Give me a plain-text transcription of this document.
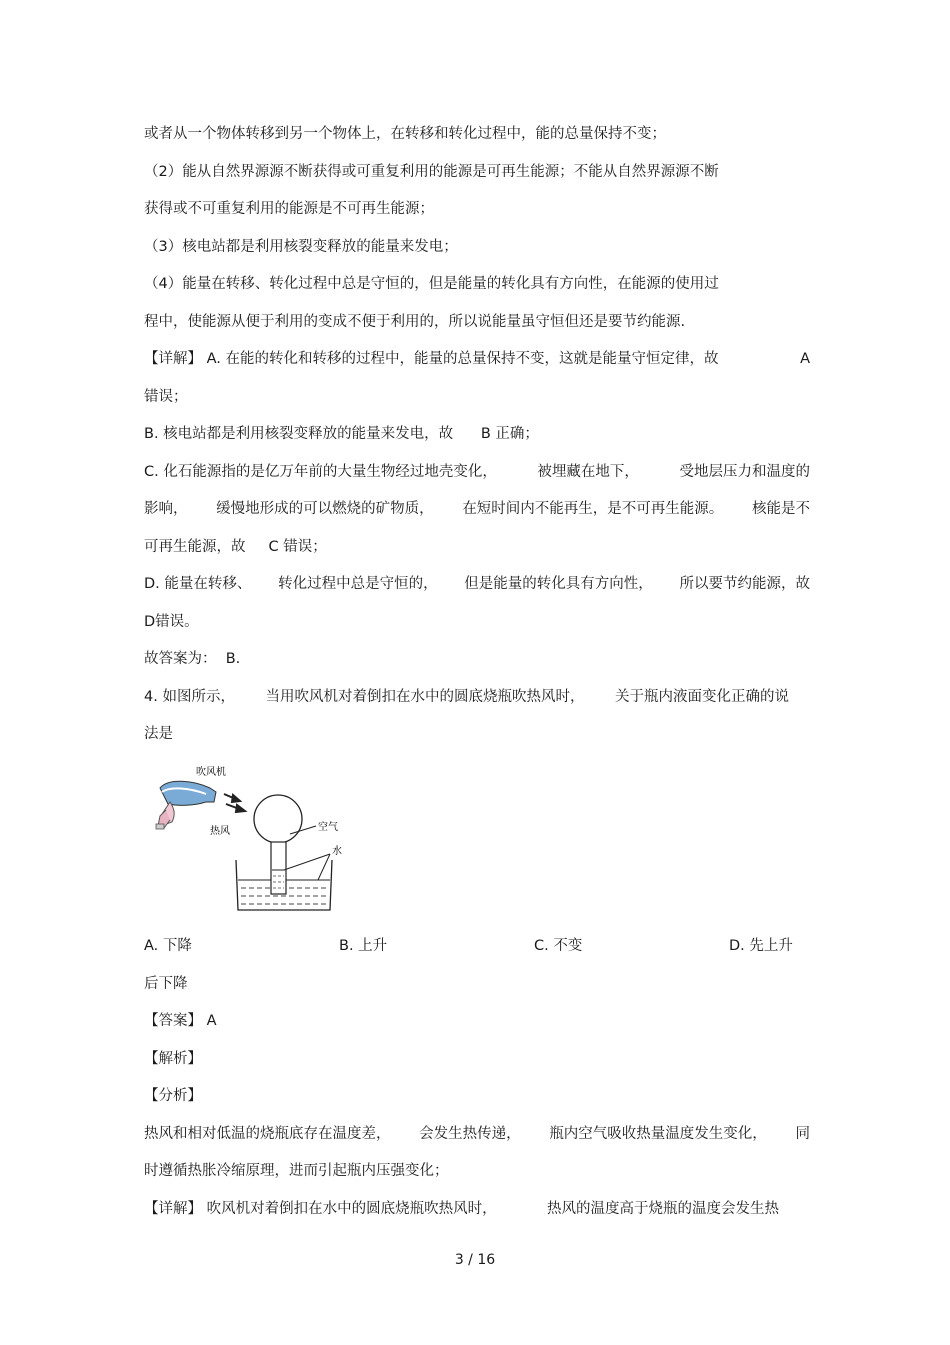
或者从一个物体转移到另一个物体上，在转移和转化过程中，能的总量保持不变；
（2）能从自然界源源不断获得或可重复利用的能源是可再生能源；不能从自然界源源不断
获得或不可重复利用的能源是不可再生能源；
（3）核电站都是利用核裂变释放的能量来发电；
（4）能量在转移、转化过程中总是守恒的，但是能量的转化具有方向性，在能源的使用过
程中，使能源从便于利用的变成不便于利用的，所以说能量虽守恒但还是要节约能源.
【详解】 A. 在能的转化和转移的过程中，能量的总量保持不变，这就是能量守恒定律，故	A
错误；
B. 核电站都是利用核裂变释放的能量来发电，故      B 正确；
C. 化石能源指的是亿万年前的大量生物经过地壳变化，	被埋藏在地下，	受地层压力和温度的
影响， 缓慢地形成的可以燃烧的矿物质， 在短时间内不能再生，是不可再生能源。 核能是不
可再生能源，故     C 错误；
D. 能量在转移、 转化过程中总是守恒的， 但是能量的转化具有方向性， 所以要节约能源，故
D错误。
故答案为：  B.
4. 如图所示， 当用吹风机对着倒扣在水中的圆底烧瓶吹热风时， 关于瓶内液面变化正确的说
法是
吹风机
热风	空气
水
A. 下降	B. 上升	C. 不变	D. 先上升
后下降
【答案】 A
【解析】
【分析】
热风和相对低温的烧瓶底存在温度差， 会发生热传递， 瓶内空气吸收热量温度发生变化， 同
时遵循热胀冷缩原理，进而引起瓶内压强变化；
【详解】 吹风机对着倒扣在水中的圆底烧瓶吹热风时，	热风的温度高于烧瓶的温度会发生热
3 / 16
